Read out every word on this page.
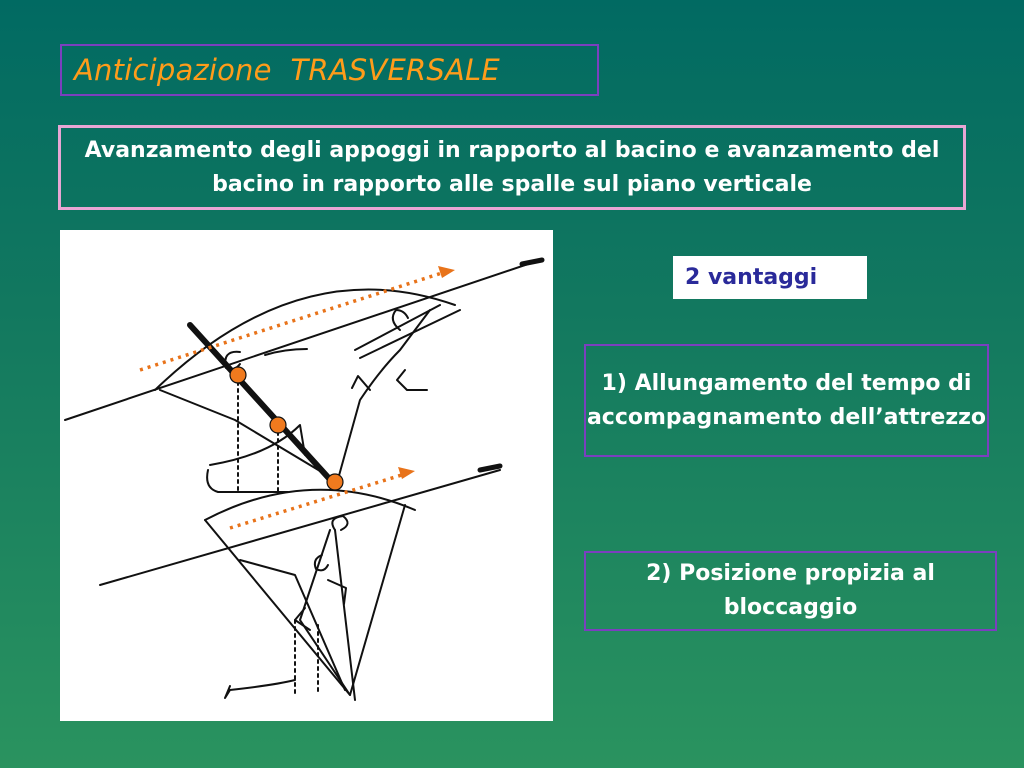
Anticipazione  TRASVERSALE
Avanzamento degli appoggi in rapporto al bacino e avanzamento del bacino in rapporto alle spalle sul piano verticale
2 vantaggi
1) Allungamento del tempo di accompagnamento dell’attrezzo
2) Posizione propizia al bloccaggio
